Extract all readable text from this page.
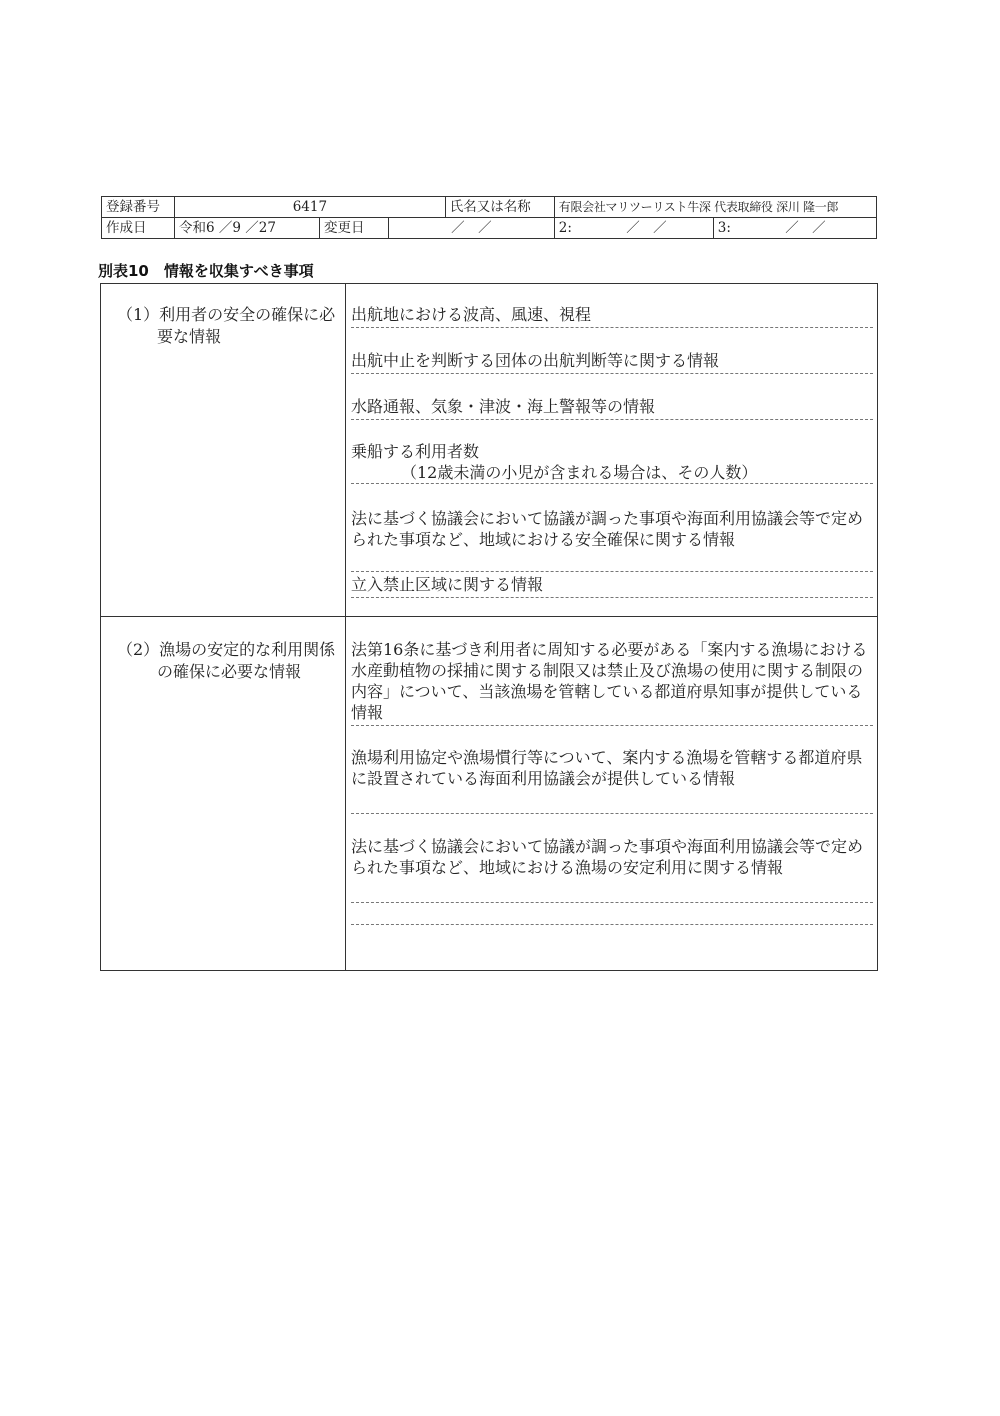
登録番号	6417			氏名又は名称	有限会社マリツーリスト牛深 代表取締役 深川 隆一郎	
作成日	令和6 ／9 ／27	変更日	／　／		2: ／　／	3: ／　／
別表10　情報を収集すべき事項
（1）利用者の安全の確保に必要な情報
出航地における波高、風速、視程
出航中止を判断する団体の出航判断等に関する情報
水路通報、気象・津波・海上警報等の情報
乗船する利用者数
（12歳未満の小児が含まれる場合は、その人数）
法に基づく協議会において協議が調った事項や海面利用協議会等で定められた事項など、地域における安全確保に関する情報
立入禁止区域に関する情報
（2）漁場の安定的な利用関係の確保に必要な情報
法第16条に基づき利用者に周知する必要がある「案内する漁場における水産動植物の採捕に関する制限又は禁止及び漁場の使用に関する制限の内容」について、当該漁場を管轄している都道府県知事が提供している情報
漁場利用協定や漁場慣行等について、案内する漁場を管轄する都道府県に設置されている海面利用協議会が提供している情報
法に基づく協議会において協議が調った事項や海面利用協議会等で定められた事項など、地域における漁場の安定利用に関する情報
